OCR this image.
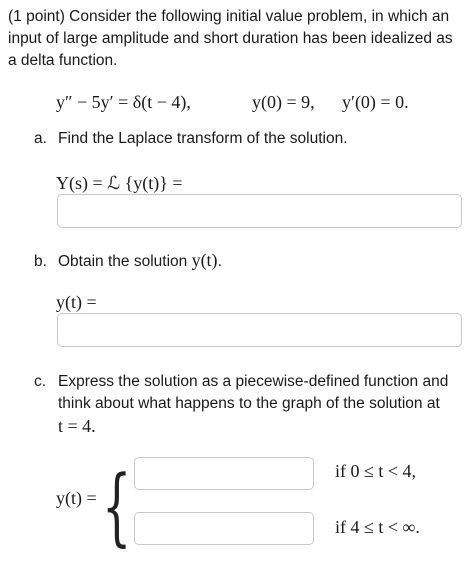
(1 point) Consider the following initial value problem, in which an
input of large amplitude and short duration has been idealized as
a delta function.
y″ − 5y′ = δ(t − 4),	y(0) = 9, y′(0) = 0.
a. Find the Laplace transform of the solution.
Y(s) = ℒ {y(t)} =
b. Obtain the solution y(t).
y(t) =
c. Express the solution as a piecewise-defined function and
think about what happens to the graph of the solution at
t = 4.
y(t) = {	if 0 ≤ t < 4,
if 4 ≤ t < ∞.
